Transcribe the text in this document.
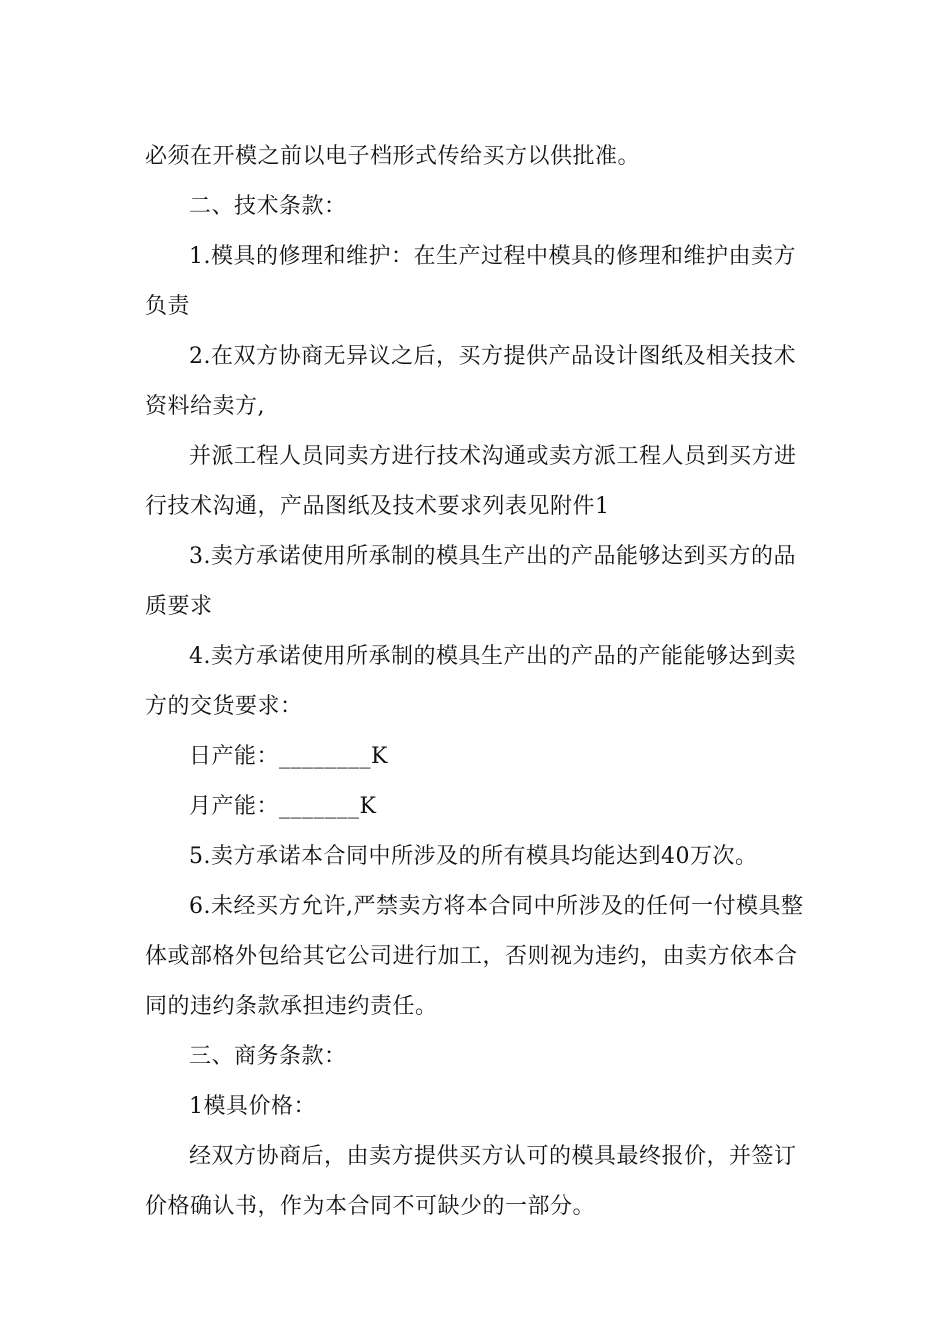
必须在开模之前以电子档形式传给买方以供批准。

二、技术条款：

1.模具的修理和维护：在生产过程中模具的修理和维护由卖方负责

2.在双方协商无异议之后，买方提供产品设计图纸及相关技术资料给卖方,

并派工程人员同卖方进行技术沟通或卖方派工程人员到买方进行技术沟通，产品图纸及技术要求列表见附件1

3.卖方承诺使用所承制的模具生产出的产品能够达到买方的品质要求

4.卖方承诺使用所承制的模具生产出的产品的产能能够达到卖方的交货要求：

日产能：________K

月产能：_______K

5.卖方承诺本合同中所涉及的所有模具均能达到40万次。

6.未经买方允许,严禁卖方将本合同中所涉及的任何一付模具整体或部格外包给其它公司进行加工，否则视为违约，由卖方依本合同的违约条款承担违约责任。

三、商务条款：

1模具价格：

经双方协商后，由卖方提供买方认可的模具最终报价，并签订价格确认书，作为本合同不可缺少的一部分。
